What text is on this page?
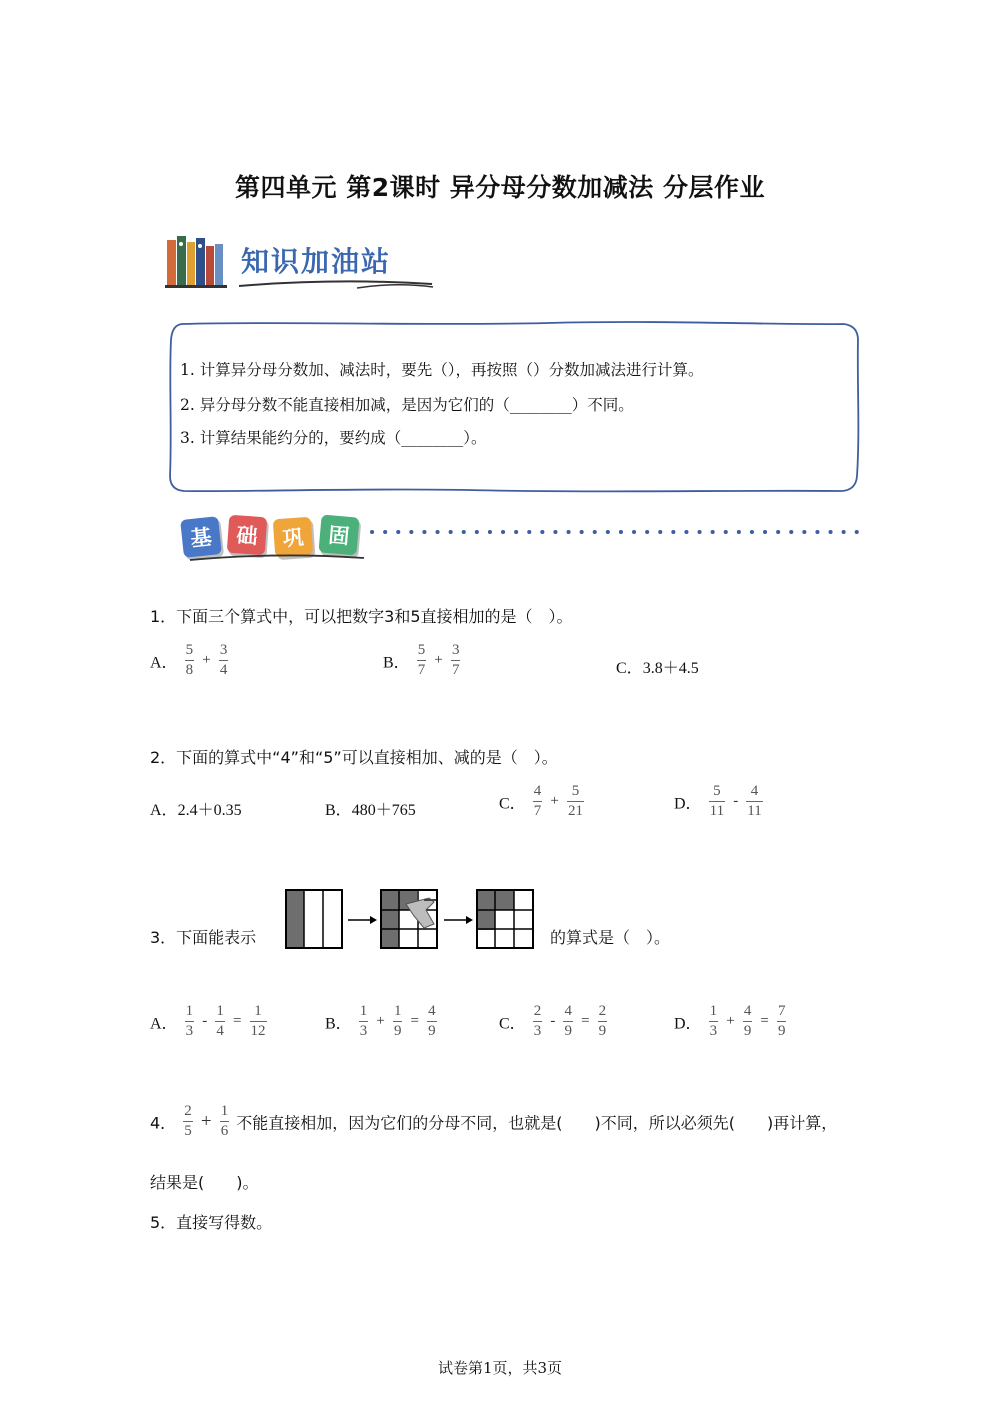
第四单元 第2课时 异分母分数加减法 分层作业
知识加油站
1. 计算异分母分数加、减法时，要先（），再按照（）分数加减法进行计算。
2. 异分母分数不能直接相加减，是因为它们的（________）不同。
3. 计算结果能约分的，要约成（________）。
基	础	巩	固
1．下面三个算式中，可以把数字3和5直接相加的是（　）。
A． $\frac{5}{8} + \frac{3}{4}$	B． $\frac{5}{7} + \frac{3}{7}$	C．3.8＋4.5
2．下面的算式中“4”和“5”可以直接相加、减的是（　）。
A．2.4＋0.35	B．480＋765	C． $\frac{4}{7} + \frac{5}{21}$	D． $\frac{5}{11} - \frac{4}{11}$
3．下面能表示	的算式是（　）。
A． $\frac{1}{3} - \frac{1}{4} = \frac{1}{12}$	B． $\frac{1}{3} + \frac{1}{9} = \frac{4}{9}$	C． $\frac{2}{3} - \frac{4}{9} = \frac{2}{9}$	D． $\frac{1}{3} + \frac{4}{9} = \frac{7}{9}$
4． $\frac{2}{5} + \frac{1}{6}$ 不能直接相加，因为它们的分母不同，也就是(　　)不同，所以必须先(　　)再计算，
结果是(　　)。
5．直接写得数。
试卷第1页，共3页
